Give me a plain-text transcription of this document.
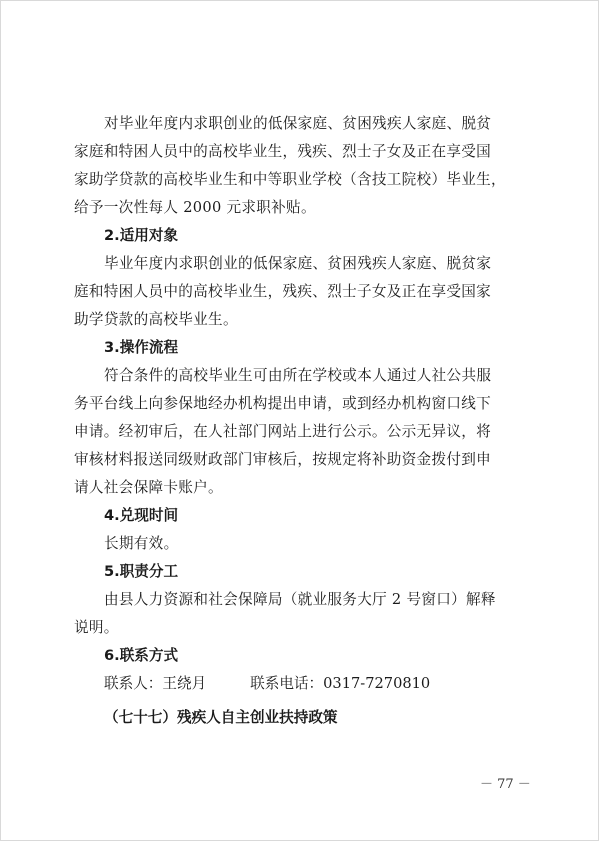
对毕业年度内求职创业的低保家庭、贫困残疾人家庭、脱贫
家庭和特困人员中的高校毕业生，残疾、烈士子女及正在享受国
家助学贷款的高校毕业生和中等职业学校（含技工院校）毕业生，
给予一次性每人 2000 元求职补贴。
2.适用对象
毕业年度内求职创业的低保家庭、贫困残疾人家庭、脱贫家
庭和特困人员中的高校毕业生，残疾、烈士子女及正在享受国家
助学贷款的高校毕业生。
3.操作流程
符合条件的高校毕业生可由所在学校或本人通过人社公共服
务平台线上向参保地经办机构提出申请，或到经办机构窗口线下
申请。经初审后，在人社部门网站上进行公示。公示无异议，将
审核材料报送同级财政部门审核后，按规定将补助资金拨付到申
请人社会保障卡账户。
4.兑现时间
长期有效。
5.职责分工
由县人力资源和社会保障局（就业服务大厅 2 号窗口）解释
说明。
6.联系方式
联系人：王绕月	联系电话：0317-7270810
（七十七）残疾人自主创业扶持政策
－ 77 －
